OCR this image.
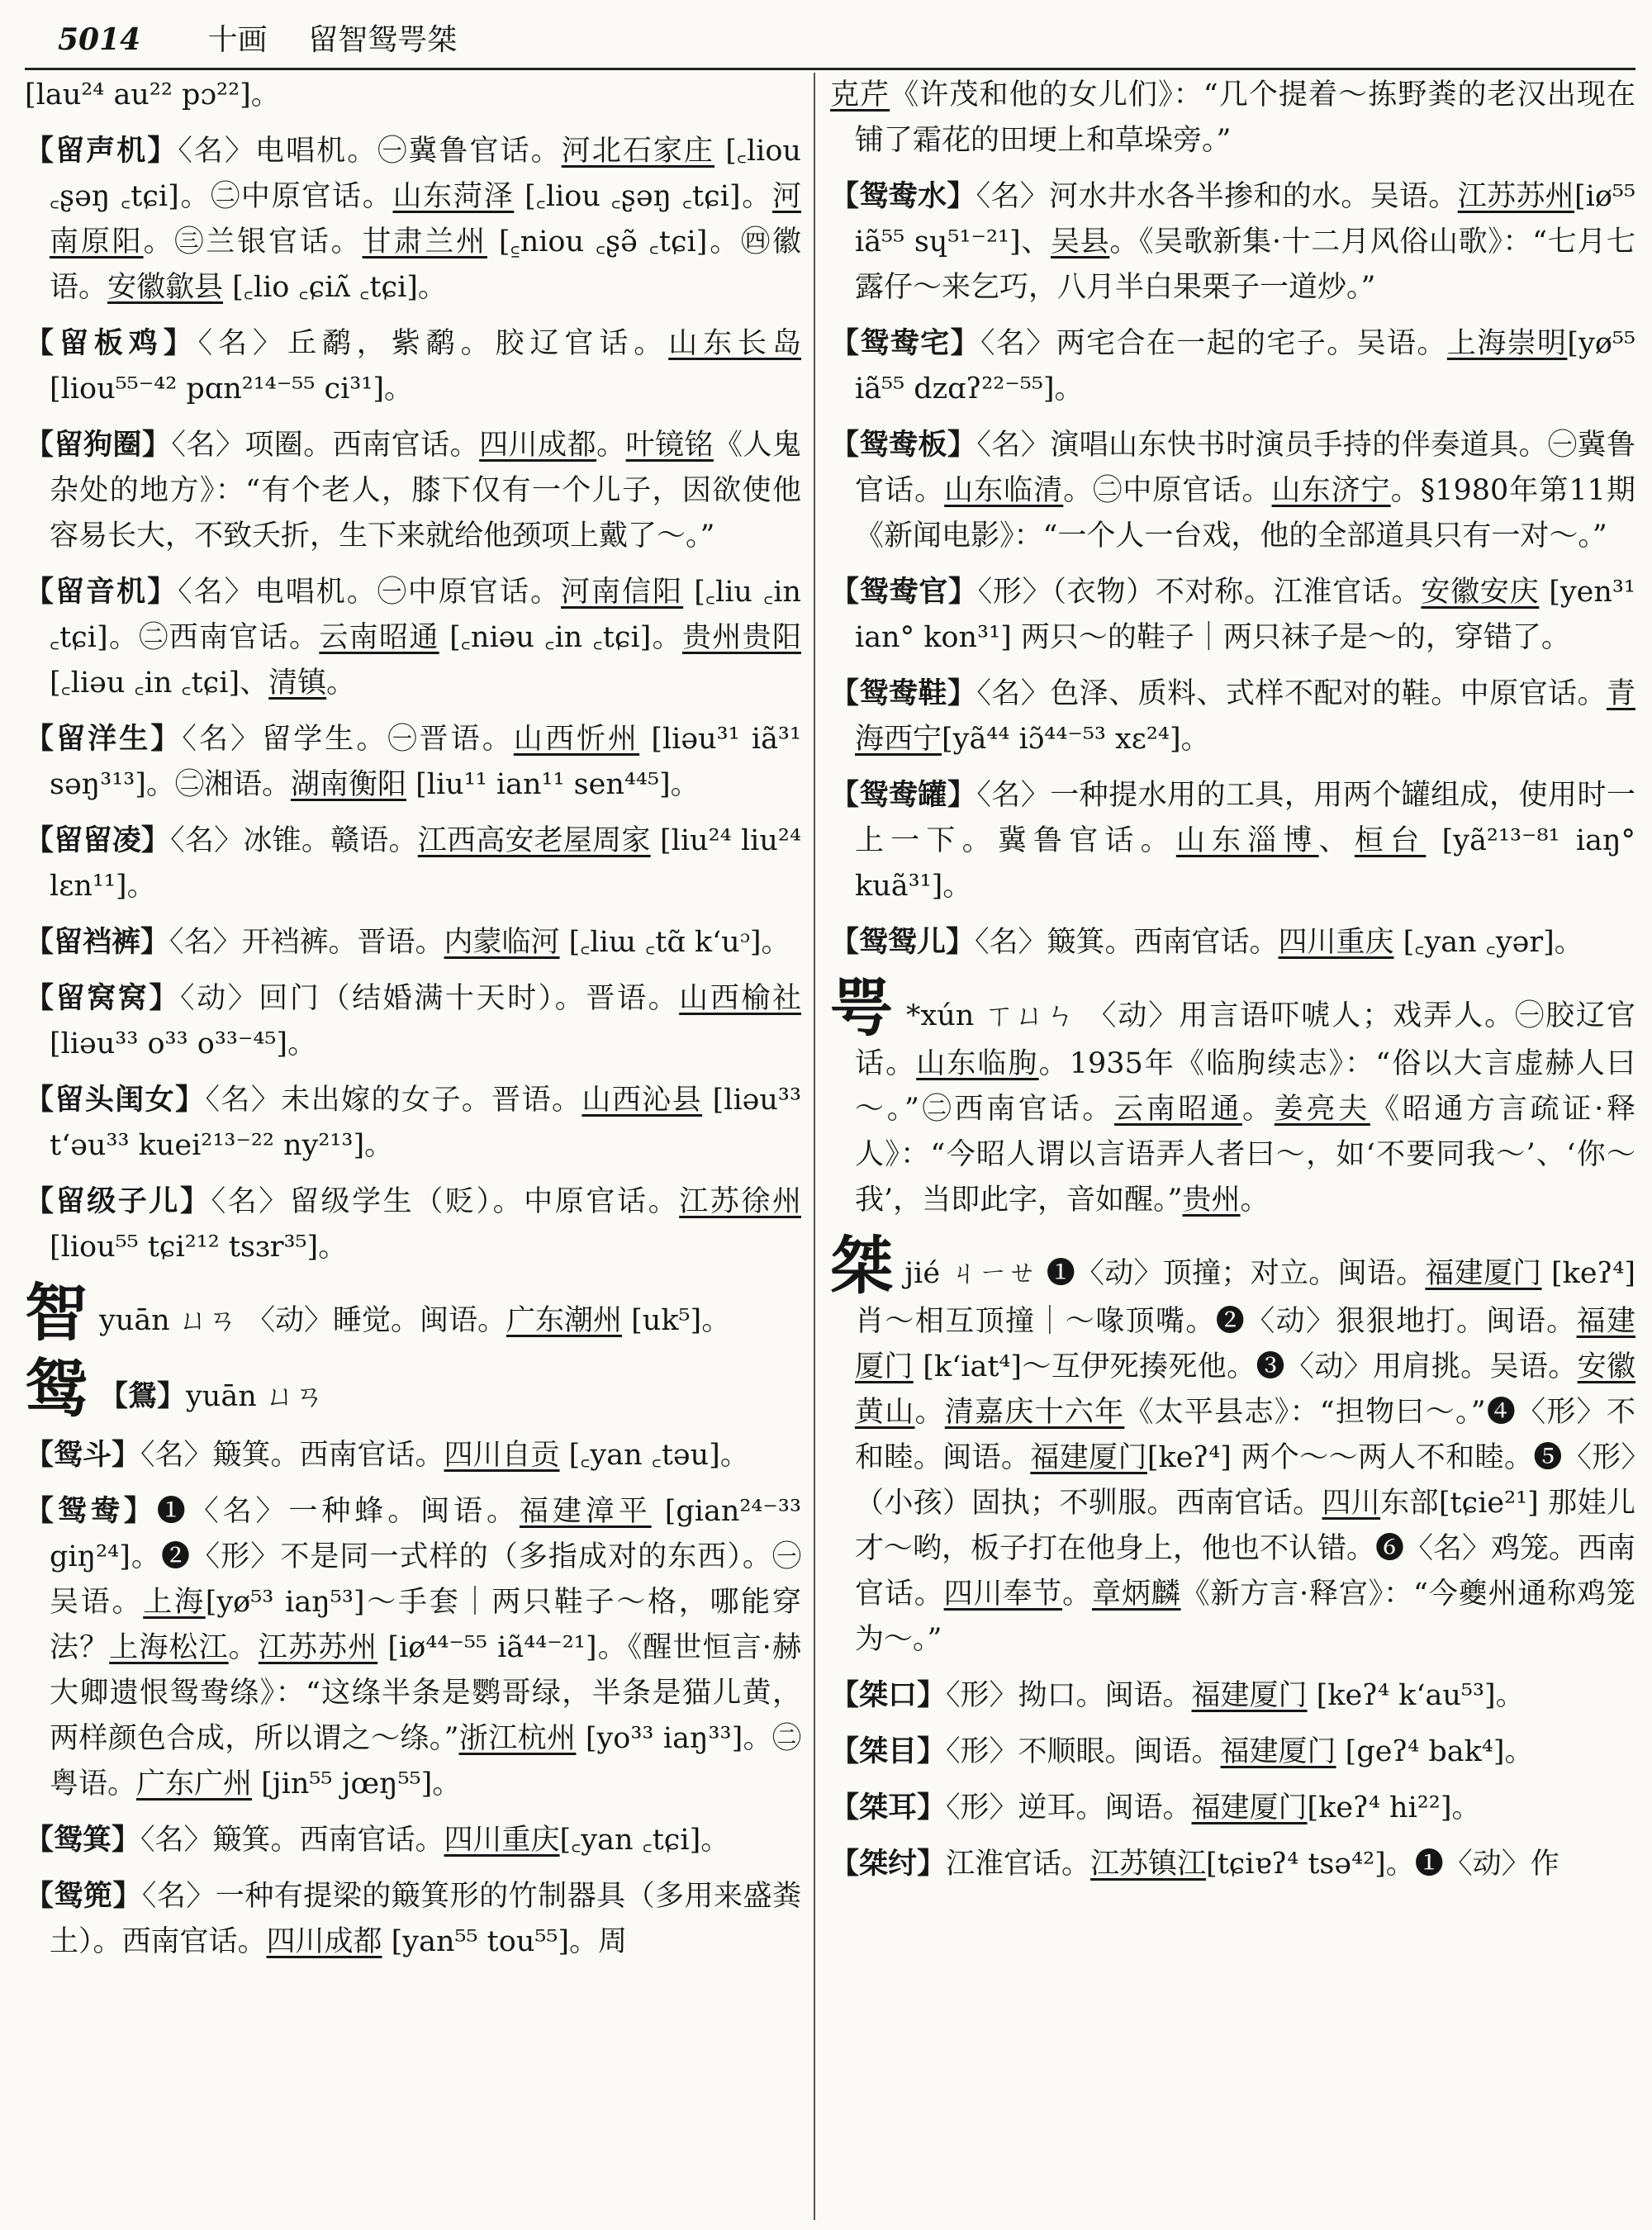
5014 十画 留智鸳咢桀

[lau²⁴ au²² pɔ²²]。

【留声机】〈名〉电唱机。㊀冀鲁官话。河北石家庄 [꜀liou ꜀ʂəŋ ꜀tɕi]。㊁中原官话。山东菏泽 [꜀liou ꜀ʂəŋ ꜀tɕi]。河南原阳。㊂兰银官话。甘肃兰州 [꜁niou ꜀ʂə̃ ꜀tɕi]。㊃徽语。安徽歙县 [꜀lio ꜀ɕiʌ̃ ꜀tɕi]。

【留板鸡】〈名〉丘鹬，紫鹬。胶辽官话。山东长岛 [liou⁵⁵⁻⁴² pɑn²¹⁴⁻⁵⁵ ci³¹]。

【留狗圈】〈名〉项圈。西南官话。四川成都。叶镜铭《人鬼杂处的地方》：“有个老人，膝下仅有一个儿子，因欲使他容易长大，不致夭折，生下来就给他颈项上戴了～。”

【留音机】〈名〉电唱机。㊀中原官话。河南信阳 [꜀liu ꜀in ꜀tɕi]。㊁西南官话。云南昭通 [꜀niəu ꜀in ꜀tɕi]。贵州贵阳 [꜀liəu ꜀in ꜀tɕi]、清镇。

【留洋生】〈名〉留学生。㊀晋语。山西忻州 [liəu³¹ iã³¹ səŋ³¹³]。㊁湘语。湖南衡阳 [liu¹¹ ian¹¹ sen⁴⁴⁵]。

【留留凌】〈名〉冰锥。赣语。江西高安老屋周家 [liu²⁴ liu²⁴ lɛn¹¹]。

【留裆裤】〈名〉开裆裤。晋语。内蒙临河 [꜀liɯ ꜀tɑ̃ kʻuᵓ]。

【留窝窝】〈动〉回门（结婚满十天时）。晋语。山西榆社 [liəu³³ o³³ o³³⁻⁴⁵]。

【留头闺女】〈名〉未出嫁的女子。晋语。山西沁县 [liəu³³ tʻəu³³ kuei²¹³⁻²² ny²¹³]。

【留级子儿】〈名〉留级学生（贬）。中原官话。江苏徐州 [liou⁵⁵ tɕi²¹² tsɜr³⁵]。

智yuān ㄩㄢ 〈动〉睡觉。闽语。广东潮州 [uk⁵]。

鸳 【鴛】yuān ㄩㄢ

【鸳斗】〈名〉簸箕。西南官话。四川自贡 [꜀yan ꜀təu]。

【鸳鸯】❶〈名〉一种蜂。闽语。福建漳平 [gian²⁴⁻³³ giŋ²⁴]。❷〈形〉不是同一式样的（多指成对的东西）。㊀吴语。上海[yø⁵³ iaŋ⁵³]～手套｜两只鞋子～格，哪能穿法？上海松江。江苏苏州 [iø⁴⁴⁻⁵⁵ iã⁴⁴⁻²¹]。《醒世恒言·赫大卿遗恨鸳鸯绦》：“这绦半条是鹦哥绿，半条是猫儿黄，两样颜色合成，所以谓之～绦。”浙江杭州 [yo³³ iaŋ³³]。㊁粤语。广东广州 [jin⁵⁵ jœŋ⁵⁵]。

【鸳箕】〈名〉簸箕。西南官话。四川重庆[꜀yan ꜀tɕi]。

【鸳篼】〈名〉一种有提梁的簸箕形的竹制器具（多用来盛粪土）。西南官话。四川成都 [yan⁵⁵ tou⁵⁵]。周

克芹《许茂和他的女儿们》：“几个提着～拣野粪的老汉出现在铺了霜花的田埂上和草垛旁。”

【鸳鸯水】〈名〉河水井水各半掺和的水。吴语。江苏苏州[iø⁵⁵ iã⁵⁵ sɥ⁵¹⁻²¹]、吴县。《吴歌新集·十二月风俗山歌》：“七月七露仔～来乞巧，八月半白果栗子一道炒。”

【鸳鸯宅】〈名〉两宅合在一起的宅子。吴语。上海崇明[yø⁵⁵ iã⁵⁵ dzɑʔ²²⁻⁵⁵]。

【鸳鸯板】〈名〉演唱山东快书时演员手持的伴奏道具。㊀冀鲁官话。山东临清。㊁中原官话。山东济宁。§1980年第11期《新闻电影》：“一个人一台戏，他的全部道具只有一对～。”

【鸳鸯官】〈形〉（衣物）不对称。江淮官话。安徽安庆 [yen³¹ ian° kon³¹] 两只～的鞋子｜两只袜子是～的，穿错了。

【鸳鸯鞋】〈名〉色泽、质料、式样不配对的鞋。中原官话。青海西宁[yã⁴⁴ iɔ̃⁴⁴⁻⁵³ xɛ²⁴]。

【鸳鸯罐】〈名〉一种提水用的工具，用两个罐组成，使用时一上一下。冀鲁官话。山东淄博、桓台 [yã²¹³⁻⁸¹ iaŋ° kuã³¹]。

【鸳鸳儿】〈名〉簸箕。西南官话。四川重庆 [꜀yan ꜀yər]。

咢 *xún ㄒㄩㄣ 〈动〉用言语吓唬人；戏弄人。㊀胶辽官话。山东临朐。1935年《临朐续志》：“俗以大言虚赫人曰～。”㊁西南官话。云南昭通。姜亮夫《昭通方言疏证·释人》：“今昭人谓以言语弄人者曰～，如‘不要同我～’、‘你～我’，当即此字，音如醒。”贵州。

桀jié ㄐㄧㄝ ❶〈动〉顶撞；对立。闽语。福建厦门 [keʔ⁴] 肖～相互顶撞｜～喙顶嘴。❷〈动〉狠狠地打。闽语。福建厦门 [kʻiat⁴]～互伊死揍死他。❸〈动〉用肩挑。吴语。安徽黄山。清嘉庆十六年《太平县志》：“担物曰～。”❹〈形〉不和睦。闽语。福建厦门[keʔ⁴] 两个～～两人不和睦。❺〈形〉（小孩）固执；不驯服。西南官话。四川东部[tɕie²¹] 那娃儿才～哟，板子打在他身上，他也不认错。❻〈名〉鸡笼。西南官话。四川奉节。章炳麟《新方言·释宫》：“今夔州通称鸡笼为～。”

【桀口】〈形〉拗口。闽语。福建厦门 [keʔ⁴ kʻau⁵³]。

【桀目】〈形〉不顺眼。闽语。福建厦门 [geʔ⁴ bak⁴]。

【桀耳】〈形〉逆耳。闽语。福建厦门[keʔ⁴ hi²²]。

【桀纣】江淮官话。江苏镇江[tɕiɐʔ⁴ tsə⁴²]。❶〈动〉作
